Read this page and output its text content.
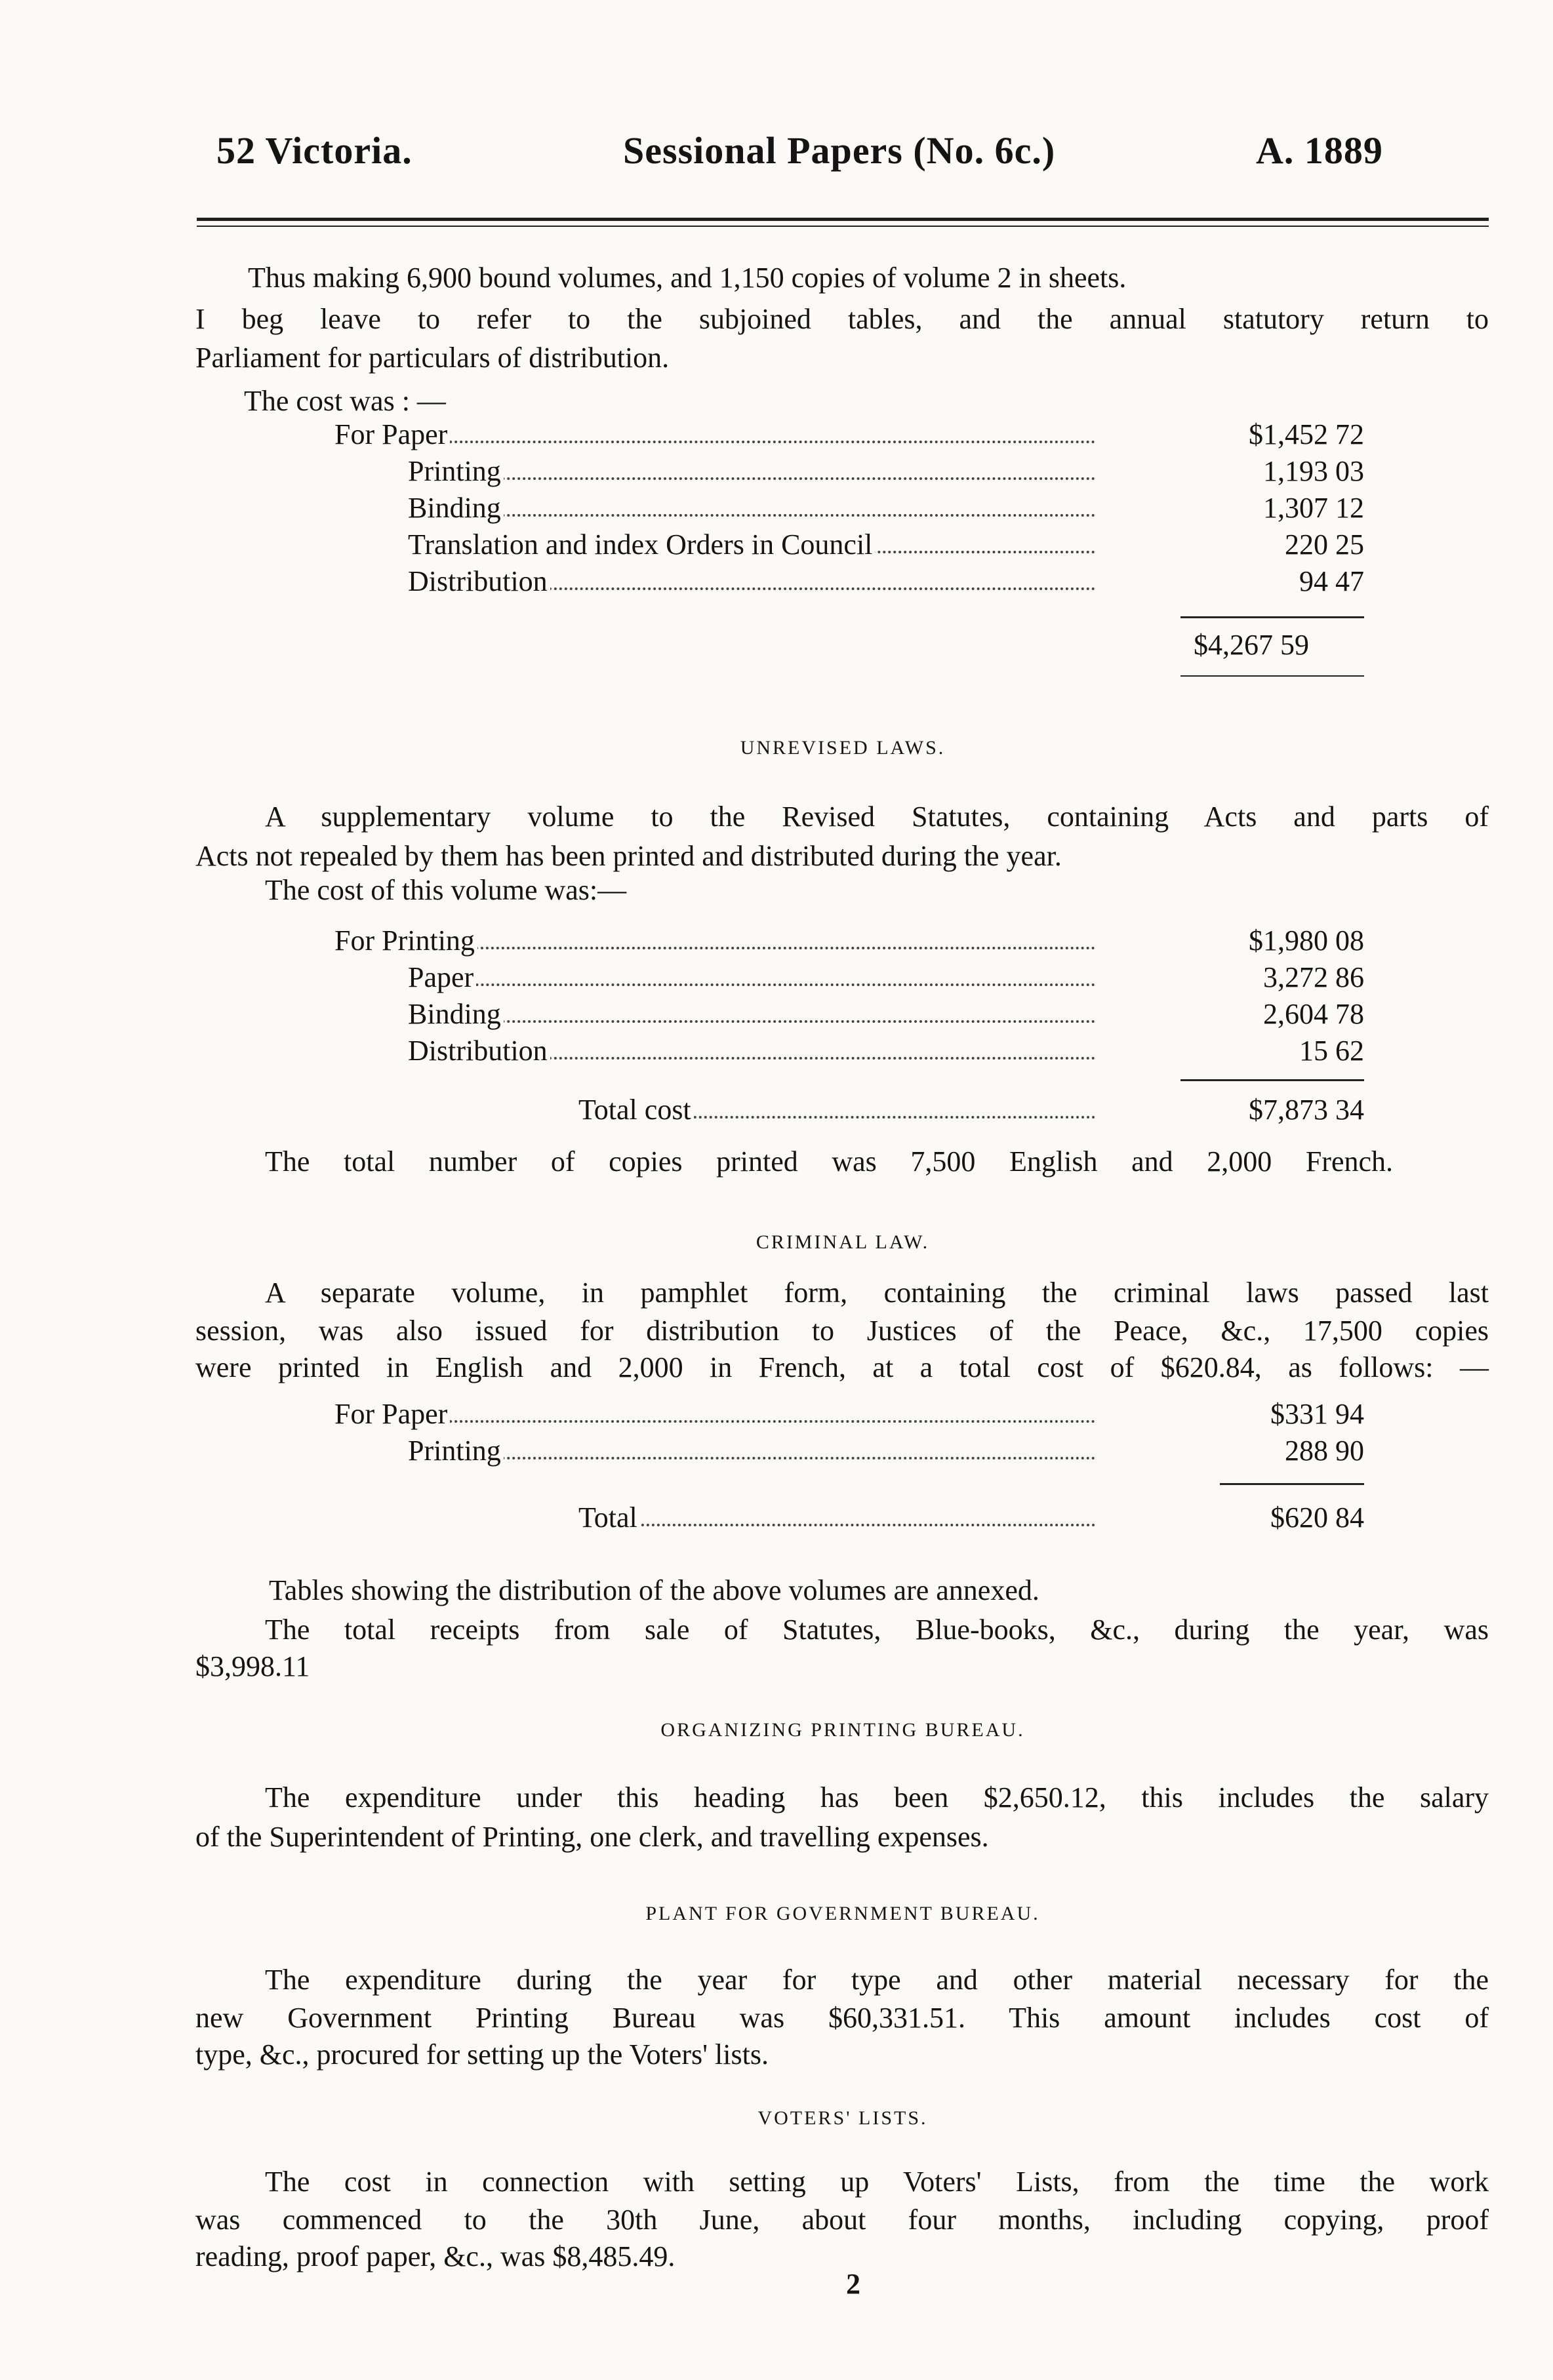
52 Victoria.	Sessional Papers (No. 6c.)	A. 1889
Thus making 6,900 bound volumes, and 1,150 copies of volume 2 in sheets.
I beg leave to refer to the subjoined tables, and the annual statutory return to
Parliament for particulars of distribution.
The cost was : —
For Paper	$1,452 72
Printing	1,193 03
Binding	1,307 12
Translation and index Orders in Council	220 25
Distribution	94 47
$4,267 59
UNREVISED LAWS.
A supplementary volume to the Revised Statutes, containing Acts and parts of
Acts not repealed by them has been printed and distributed during the year.
The cost of this volume was:—
For Printing	$1,980 08
Paper	3,272 86
Binding	2,604 78
Distribution	15 62
Total cost	$7,873 34
The total number of copies printed was 7,500 English and 2,000 French.
CRIMINAL LAW.
A separate volume, in pamphlet form, containing the criminal laws passed last
session, was also issued for distribution to Justices of the Peace, &c., 17,500 copies
were printed in English and 2,000 in French, at a total cost of $620.84, as follows: —
For Paper	$331 94
Printing	288 90
Total	$620 84
Tables showing the distribution of the above volumes are annexed.
The total receipts from sale of Statutes, Blue-books, &c., during the year, was
$3,998.11
ORGANIZING PRINTING BUREAU.
The expenditure under this heading has been $2,650.12, this includes the salary
of the Superintendent of Printing, one clerk, and travelling expenses.
PLANT FOR GOVERNMENT BUREAU.
The expenditure during the year for type and other material necessary for the
new Government Printing Bureau was $60,331.51. This amount includes cost of
type, &c., procured for setting up the Voters' lists.
VOTERS' LISTS.
The cost in connection with setting up Voters' Lists, from the time the work
was commenced to the 30th June, about four months, including copying, proof
reading, proof paper, &c., was $8,485.49.
2
